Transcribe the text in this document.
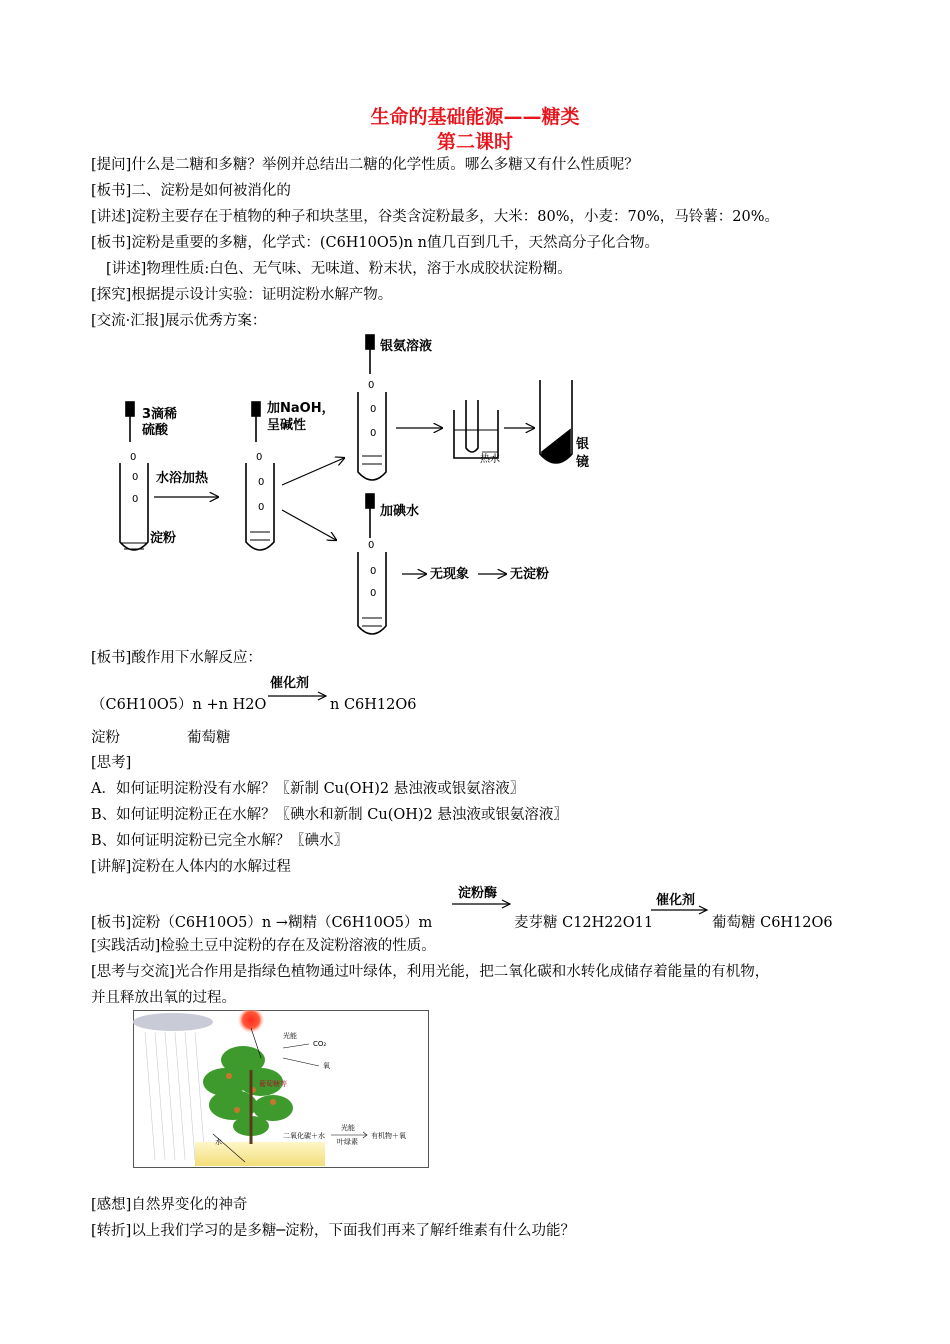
生命的基础能源——糖类
第二课时
[提问]什么是二糖和多糖？举例并总结出二糖的化学性质。哪么多糖又有什么性质呢？
[板书]二、淀粉是如何被消化的
[讲述]淀粉主要存在于植物的种子和块茎里，谷类含淀粉最多，大米：80%，小麦：70%，马铃薯：20%。
[板书]淀粉是重要的多糖，化学式：(C6H10O5)n n值几百到几千，天然高分子化合物。
[讲述]物理性质:白色、无气味、无味道、粉末状，溶于水成胶状淀粉糊。
[探究]根据提示设计实验：证明淀粉水解产物。
[交流·汇报]展示优秀方案：
3滴稀
硫酸
淀粉
水浴加热
加NaOH，
呈碱性
银氨溶液
加碘水
无现象	无淀粉
银
镜
热水
0	0
0
0
0
0
0
0
0
0
0
0
[板书]酸作用下水解反应：
催化剂
（C6H10O5）n +n H2O	n C6H12O6
淀粉	葡萄糖
[思考]
A．如何证明淀粉没有水解？〖新制 Cu(OH)2 悬浊液或银氨溶液〗
B、如何证明淀粉正在水解？〖碘水和新制 Cu(OH)2 悬浊液或银氨溶液〗
B、如何证明淀粉已完全水解？〖碘水〗
[讲解]淀粉在人体内的水解过程
淀粉酶	催化剂
[板书]淀粉（C6H10O5）n →糊精（C6H10O5）m	麦芽糖 C12H22O11	葡萄糖 C6H12O6
[实践活动]检验土豆中淀粉的存在及淀粉溶液的性质。
[思考与交流]光合作用是指绿色植物通过叶绿体，利用光能，把二氧化碳和水转化成储存着能量的有机物，
并且释放出氧的过程。
光能
CO₂
氧
葡萄糖等
水
二氧化碳＋水
光能
叶绿素
有机物＋氧
[感想]自然界变化的神奇
[转折]以上我们学习的是多糖─淀粉，下面我们再来了解纤维素有什么功能？
